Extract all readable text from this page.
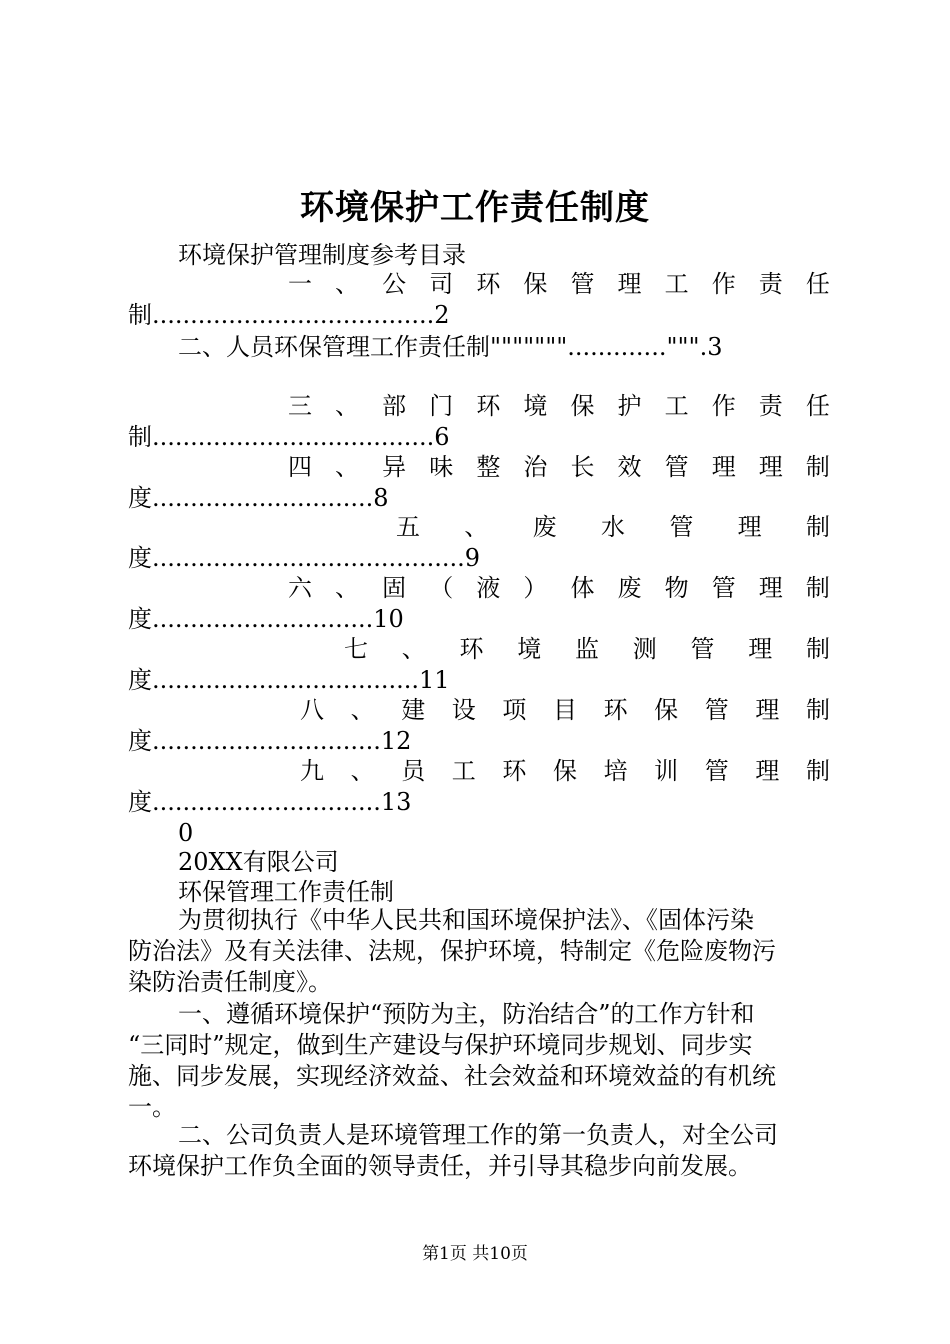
环境保护工作责任制度
环境保护管理制度参考目录
一 、 公 司 环 保 管 理 工 作 责 任
制.....................................2
二、人员环保管理工作责任制""""""".............""".3
三 、 部 门 环 境 保 护 工 作 责 任
制.....................................6
四 、 异 味 整 治 长 效 管 理 理 制
度.............................8
五 、 废 水 管 理 制
度.........................................9
六 、 固 （ 液 ） 体 废 物 管 理 制
度.............................10
七 、 环 境 监 测 管 理 制
度...................................11
八 、 建 设 项 目 环 保 管 理 制
度..............................12
九 、 员 工 环 保 培 训 管 理 制
度..............................13
0
20XX有限公司
环保管理工作责任制
为贯彻执行《中华人民共和国环境保护法》、《固体污染
防治法》及有关法律、法规，保护环境，特制定《危险废物污
染防治责任制度》。
一、遵循环境保护“预防为主，防治结合”的工作方针和
“三同时”规定，做到生产建设与保护环境同步规划、同步实
施、同步发展，实现经济效益、社会效益和环境效益的有机统
一。
二、公司负责人是环境管理工作的第一负责人，对全公司
环境保护工作负全面的领导责任，并引导其稳步向前发展。
第1页 共10页
